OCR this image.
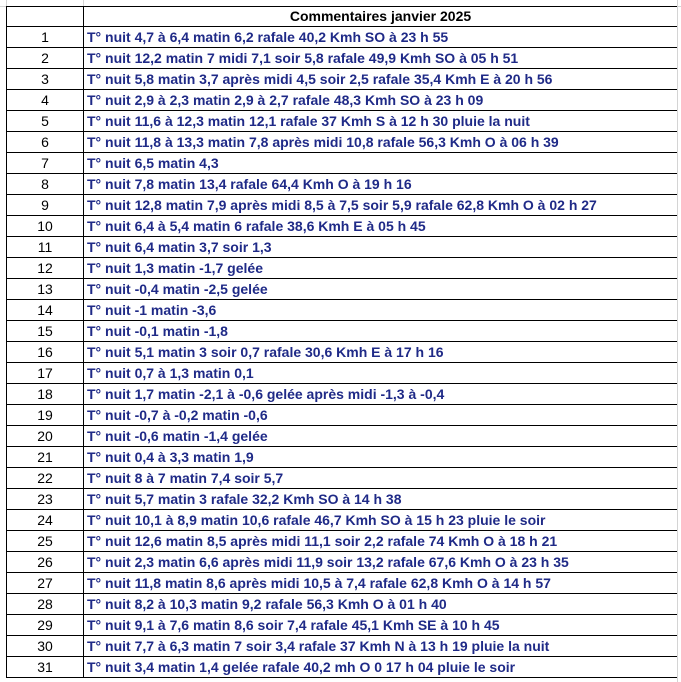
	Commentaires janvier 2025
1	T° nuit 4,7 à 6,4 matin 6,2 rafale 40,2 Kmh SO à 23 h 55
2	T° nuit 12,2 matin 7 midi 7,1 soir 5,8 rafale 49,9 Kmh SO à 05 h 51
3	T° nuit 5,8 matin 3,7 après midi 4,5 soir 2,5 rafale 35,4 Kmh E à 20 h 56
4	T° nuit 2,9 à 2,3 matin 2,9 à 2,7 rafale 48,3 Kmh SO à 23 h 09
5	T° nuit 11,6 à 12,3 matin 12,1 rafale 37 Kmh S à 12 h 30 pluie la nuit
6	T° nuit 11,8 à 13,3 matin 7,8 après midi 10,8 rafale 56,3 Kmh O à 06 h 39
7	T° nuit 6,5 matin 4,3
8	T° nuit 7,8 matin 13,4 rafale 64,4 Kmh O à 19 h 16
9	T° nuit 12,8 matin 7,9 après midi 8,5 à 7,5 soir 5,9 rafale 62,8 Kmh O à 02 h 27
10	T° nuit 6,4 à 5,4 matin 6 rafale 38,6 Kmh E à 05 h 45
11	T° nuit 6,4 matin 3,7 soir 1,3
12	T° nuit 1,3 matin -1,7 gelée
13	T° nuit -0,4 matin -2,5 gelée
14	T° nuit -1 matin -3,6
15	T° nuit -0,1 matin -1,8
16	T° nuit 5,1 matin 3 soir 0,7 rafale 30,6 Kmh E à 17 h 16
17	T° nuit 0,7 à 1,3 matin 0,1
18	T° nuit 1,7 matin -2,1 à -0,6 gelée après midi -1,3 à -0,4
19	T° nuit -0,7 à -0,2 matin -0,6
20	T° nuit -0,6 matin -1,4 gelée
21	T° nuit 0,4 à 3,3 matin 1,9
22	T° nuit 8 à 7 matin 7,4 soir 5,7
23	T° nuit 5,7 matin 3 rafale 32,2 Kmh SO à 14 h 38
24	T° nuit 10,1 à 8,9 matin 10,6 rafale 46,7 Kmh SO à 15 h 23 pluie le soir
25	T° nuit 12,6 matin 8,5 après midi 11,1 soir 2,2 rafale 74 Kmh O à 18 h 21
26	T° nuit 2,3 matin 6,6 après midi 11,9 soir 13,2 rafale 67,6 Kmh O à 23 h 35
27	T° nuit 11,8 matin 8,6 après midi 10,5 à 7,4 rafale 62,8 Kmh O à 14 h 57
28	T° nuit 8,2 à 10,3 matin 9,2 rafale 56,3 Kmh O à 01 h 40
29	T° nuit 9,1 à 7,6 matin 8,6 soir 7,4 rafale 45,1 Kmh SE à 10 h 45
30	T° nuit 7,7 à 6,3 matin 7 soir 3,4 rafale 37 Kmh N à 13 h 19 pluie la nuit
31	T° nuit 3,4 matin 1,4 gelée rafale 40,2 mh O 0 17 h 04 pluie le soir
